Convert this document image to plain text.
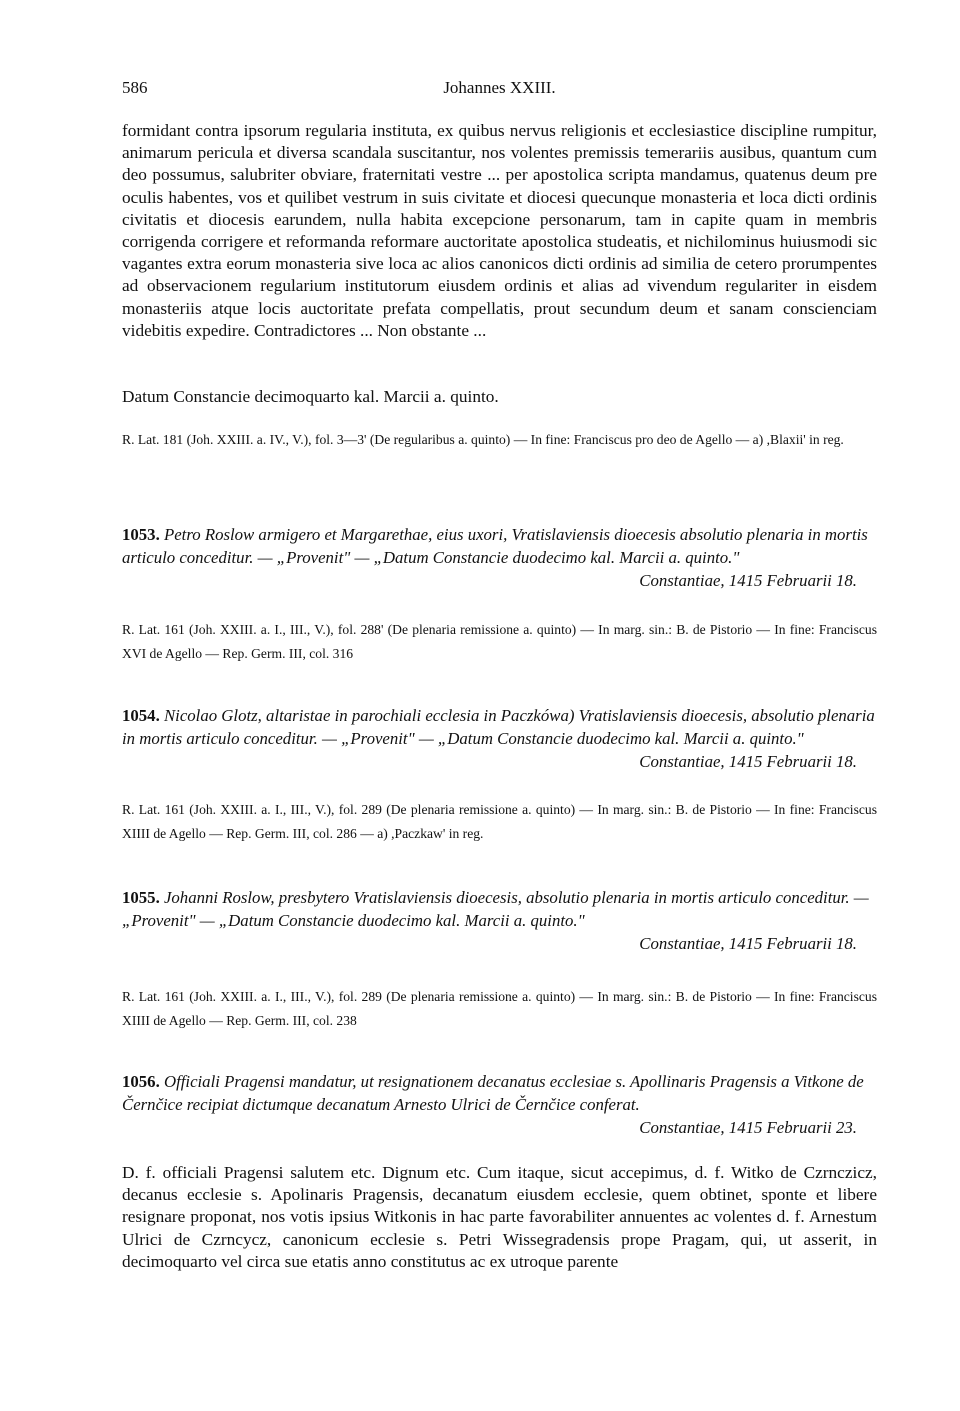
586	Johannes XXIII.

formidant contra ipsorum regularia instituta, ex quibus nervus religionis et ecclesiastice discipline rumpitur, animarum pericula et diversa scandala suscitantur, nos volentes premissis temerariis ausibus, quantum cum deo possumus, salubriter obviare, fraternitati vestre ... per apostolica scripta mandamus, quatenus deum pre oculis habentes, vos et quilibet vestrum in suis civitate et diocesi quecunque monasteria et loca dicti ordinis civitatis et diocesis earundem, nulla habita excepcione personarum, tam in capite quam in membris corrigenda corrigere et reformanda reformare auctoritate apostolica studeatis, et nichilominus huiusmodi sic vagantes extra eorum monasteria sive loca ac alios canonicos dicti ordinis ad similia de cetero prorumpentes ad observacionem regularium institutorum eiusdem ordinis et alias ad vivendum regulariter in eisdem monasteriis atque locis auctoritate prefata compellatis, prout secundum deum et sanam conscienciam videbitis expedire. Contradictores ... Non obstante ...

Datum Constancie decimoquarto kal. Marcii a. quinto.

R. Lat. 181 (Joh. XXIII. a. IV., V.), fol. 3—3' (De regularibus a. quinto) — In fine: Franciscus pro deo de Agello — a) ,Blaxii' in reg.

1053. Petro Roslow armigero et Margarethae, eius uxori, Vratislaviensis dioecesis absolutio plenaria in mortis articulo conceditur. — „Provenit" — „Datum Constancie duodecimo kal. Marcii a. quinto."

Constantiae, 1415 Februarii 18.

R. Lat. 161 (Joh. XXIII. a. I., III., V.), fol. 288' (De plenaria remissione a. quinto) — In marg. sin.: B. de Pistorio — In fine: Franciscus XVI de Agello — Rep. Germ. III, col. 316

1054. Nicolao Glotz, altaristae in parochiali ecclesia in Paczkówa) Vratislaviensis dioecesis, absolutio plenaria in mortis articulo conceditur. — „Provenit" — „Datum Constancie duodecimo kal. Marcii a. quinto."

Constantiae, 1415 Februarii 18.

R. Lat. 161 (Joh. XXIII. a. I., III., V.), fol. 289 (De plenaria remissione a. quinto) — In marg. sin.: B. de Pistorio — In fine: Franciscus XIIII de Agello — Rep. Germ. III, col. 286 — a) ,Paczkaw' in reg.

1055. Johanni Roslow, presbytero Vratislaviensis dioecesis, absolutio plenaria in mortis articulo conceditur. — „Provenit" — „Datum Constancie duodecimo kal. Marcii a. quinto."

Constantiae, 1415 Februarii 18.

R. Lat. 161 (Joh. XXIII. a. I., III., V.), fol. 289 (De plenaria remissione a. quinto) — In marg. sin.: B. de Pistorio — In fine: Franciscus XIIII de Agello — Rep. Germ. III, col. 238

1056. Officiali Pragensi mandatur, ut resignationem decanatus ecclesiae s. Apollinaris Pragensis a Vitkone de Černčice recipiat dictumque decanatum Arnesto Ulrici de Černčice conferat.

Constantiae, 1415 Februarii 23.

D. f. officiali Pragensi salutem etc. Dignum etc. Cum itaque, sicut accepimus, d. f. Witko de Czrnczicz, decanus ecclesie s. Apolinaris Pragensis, decanatum eiusdem ecclesie, quem obtinet, sponte et libere resignare proponat, nos votis ipsius Witkonis in hac parte favorabiliter annuentes ac volentes d. f. Arnestum Ulrici de Czrncycz, canonicum ecclesie s. Petri Wissegradensis prope Pragam, qui, ut asserit, in decimoquarto vel circa sue etatis anno constitutus ac ex utroque parente
